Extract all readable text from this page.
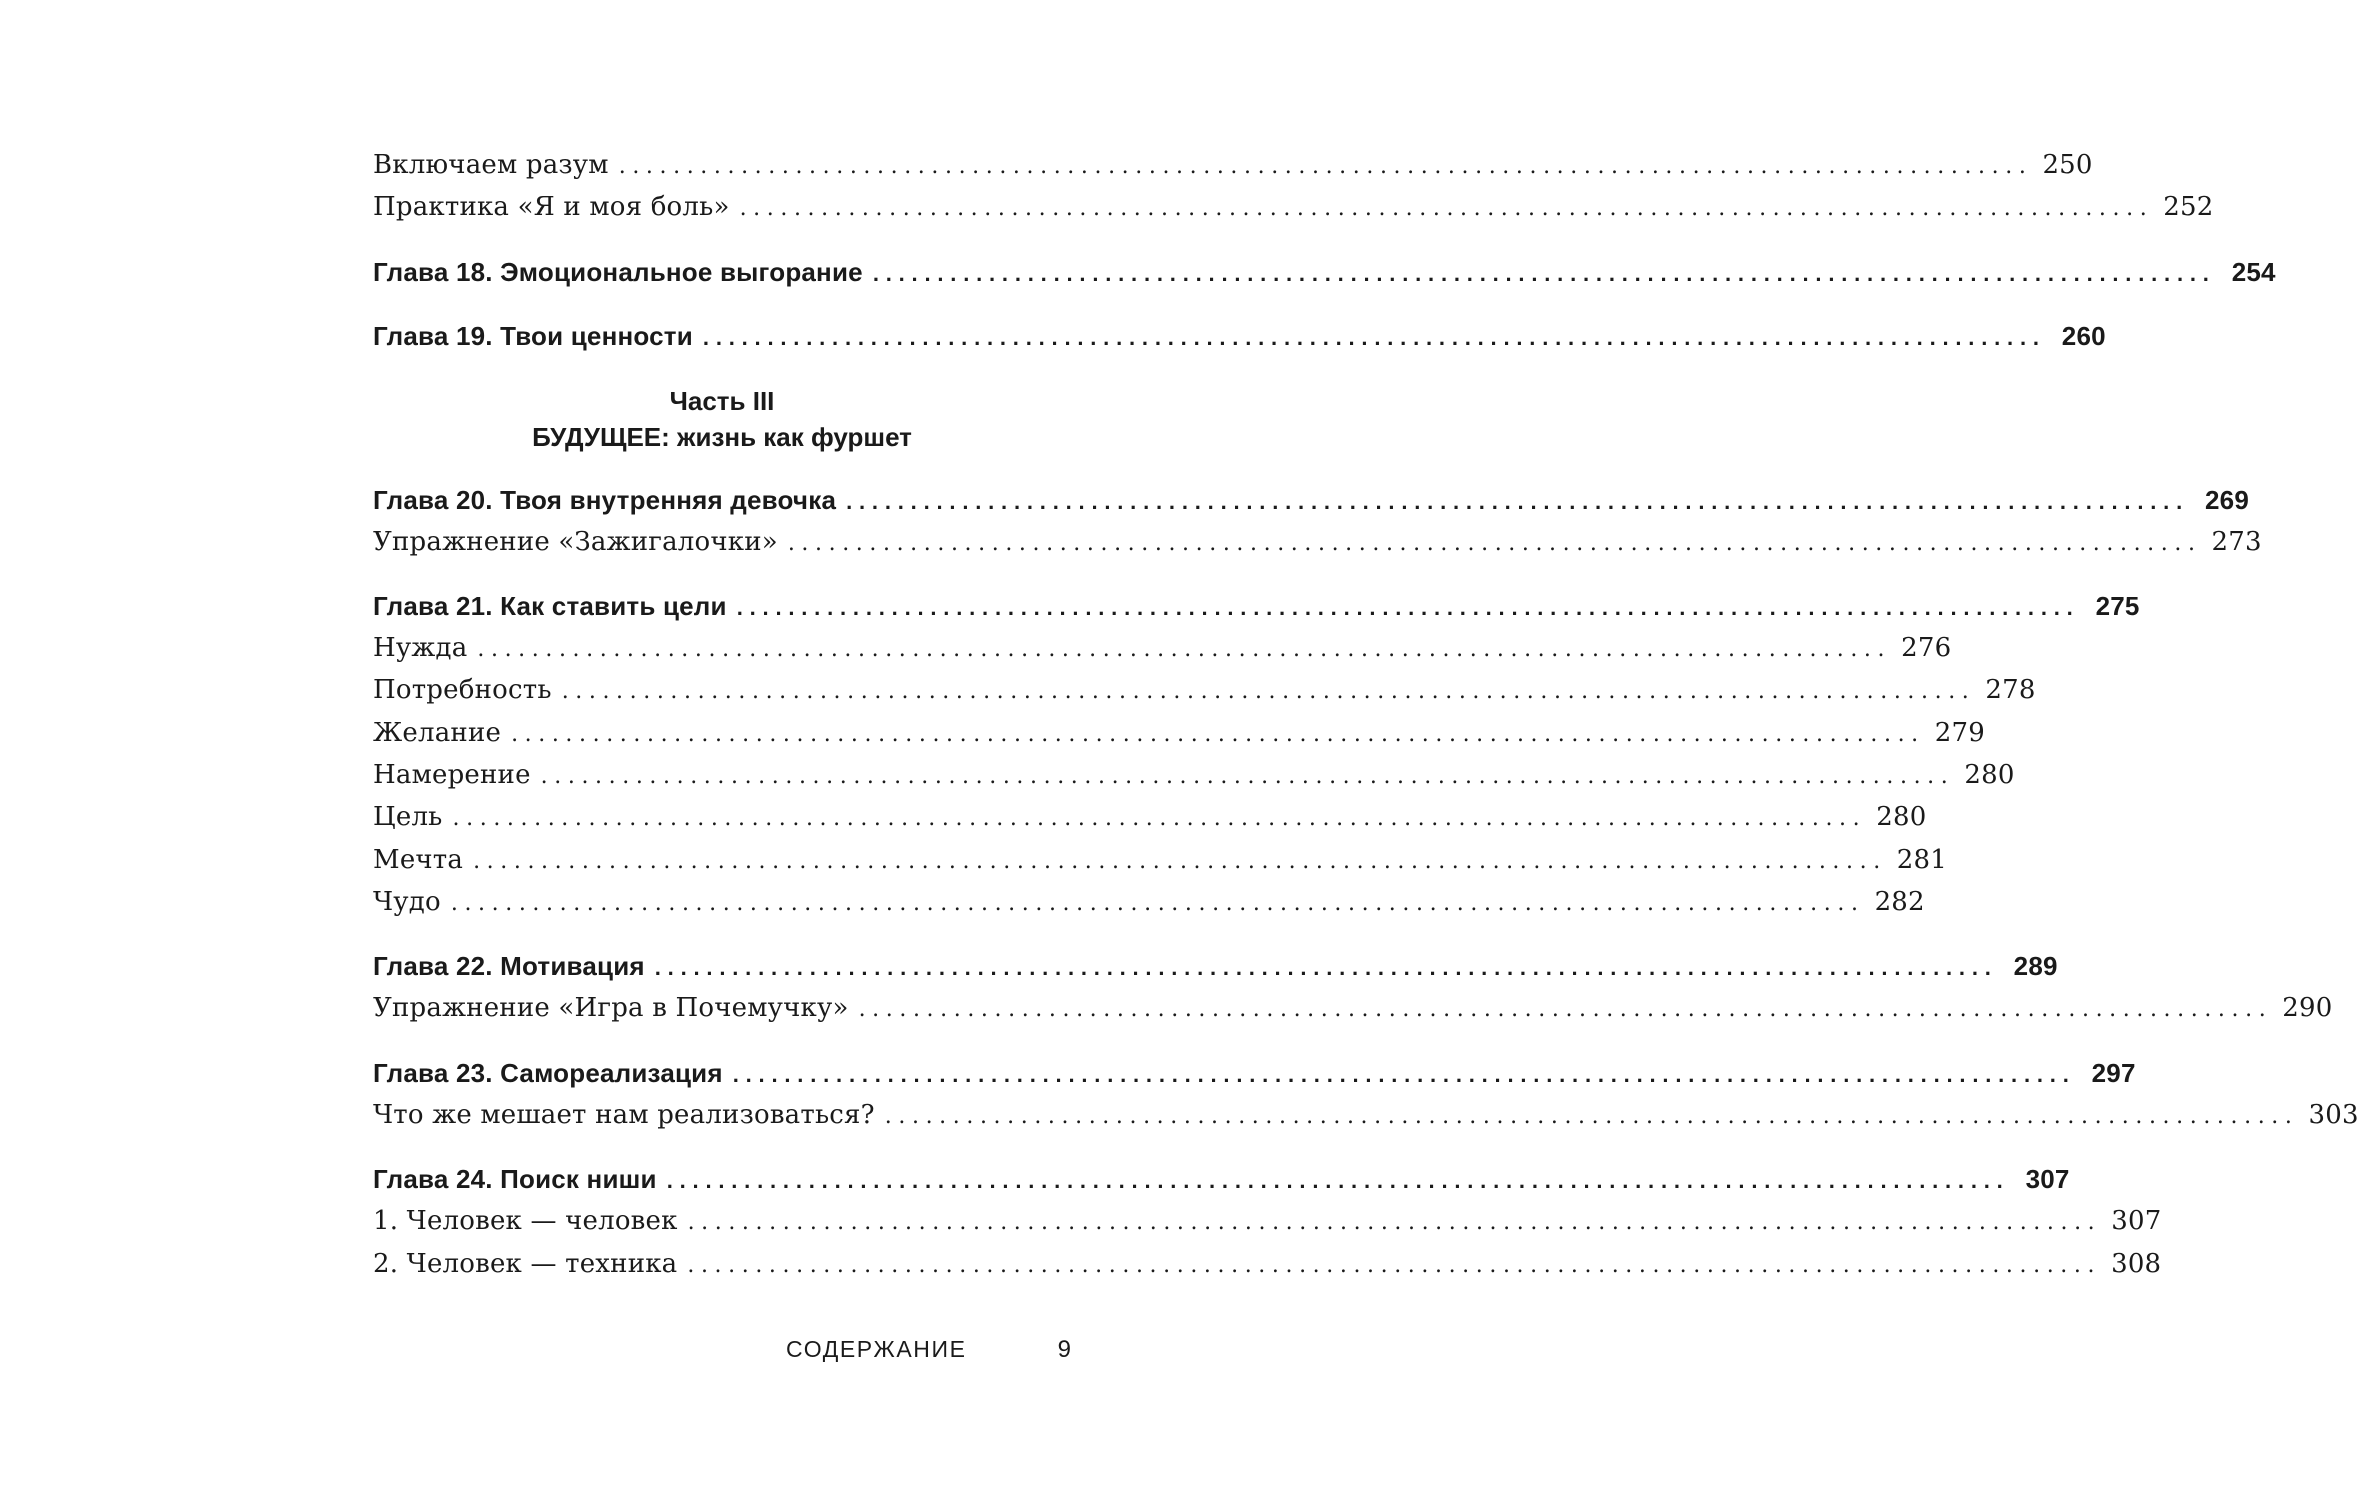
Включаем разум ........................................................................................................ 250
Практика «Я и моя боль» ........................................................................................................ 252
Глава 18. Эмоциональное выгорание ........................................................................................................ 254
Глава 19. Твои ценности ........................................................................................................ 260
Часть III
БУДУЩЕЕ: жизнь как фуршет
Глава 20. Твоя внутренняя девочка ........................................................................................................ 269
Упражнение «Зажигалочки» ........................................................................................................ 273
Глава 21. Как ставить цели ........................................................................................................ 275
Нужда ........................................................................................................ 276
Потребность ........................................................................................................ 278
Желание ........................................................................................................ 279
Намерение ........................................................................................................ 280
Цель ........................................................................................................ 280
Мечта ........................................................................................................ 281
Чудо ........................................................................................................ 282
Глава 22. Мотивация ........................................................................................................ 289
Упражнение «Игра в Почемучку» ........................................................................................................ 290
Глава 23. Самореализация ........................................................................................................ 297
Что же мешает нам реализоваться? ........................................................................................................ 303
Глава 24. Поиск ниши ........................................................................................................ 307
1. Человек — человек ........................................................................................................ 307
2. Человек — техника ........................................................................................................ 308
СОДЕРЖАНИЕ	9
